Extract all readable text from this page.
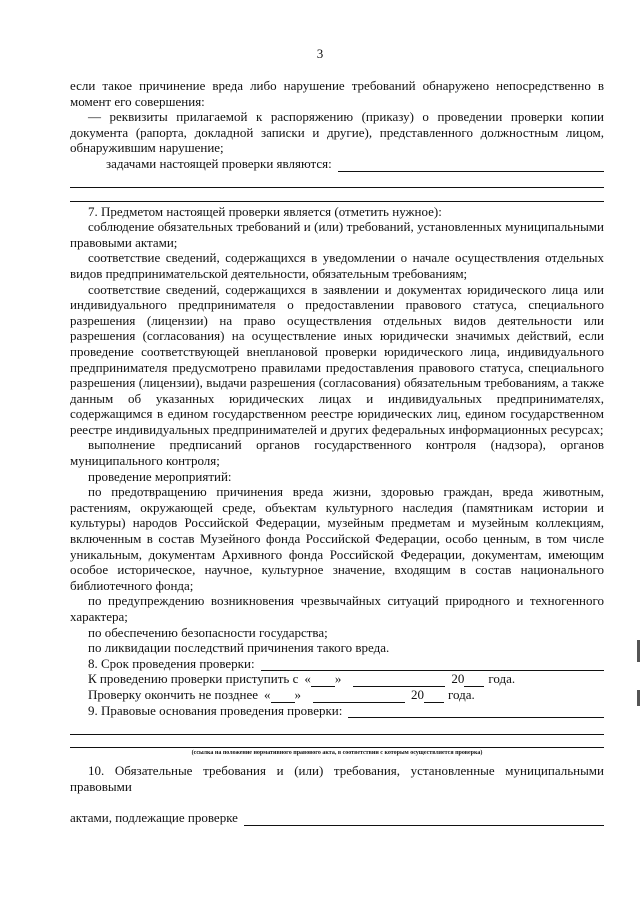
3

если такое причинение вреда либо нарушение требований обнаружено непосредственно в момент его совершения:

— реквизиты прилагаемой к распоряжению (приказу) о проведении проверки копии документа (рапорта, докладной записки и другие), представленного должностным лицом, обнаружившим нарушение;

задачами настоящей проверки являются:

7. Предметом настоящей проверки является (отметить нужное):

соблюдение обязательных требований и (или) требований, установленных муниципальными правовыми актами;

соответствие сведений, содержащихся в уведомлении о начале осуществления отдельных видов предпринимательской деятельности, обязательным требованиям;

соответствие сведений, содержащихся в заявлении и документах юридического лица или индивидуального предпринимателя о предоставлении правового статуса, специального разрешения (лицензии) на право осуществления отдельных видов деятельности или разрешения (согласования) на осуществление иных юридически значимых действий, если проведение соответствующей внеплановой проверки юридического лица, индивидуального предпринимателя предусмотрено правилами предоставления правового статуса, специального разрешения (лицензии), выдачи разрешения (согласования) обязательным требованиям, а также данным об указанных юридических лицах и индивидуальных предпринимателях, содержащимся в едином государственном реестре юридических лиц, едином государственном реестре индивидуальных предпринимателей и других федеральных информационных ресурсах;

выполнение предписаний органов государственного контроля (надзора), органов муниципального контроля;

проведение мероприятий:

по предотвращению причинения вреда жизни, здоровью граждан, вреда животным, растениям, окружающей среде, объектам культурного наследия (памятникам истории и культуры) народов Российской Федерации, музейным предметам и музейным коллекциям, включенным в состав Музейного фонда Российской Федерации, особо ценным, в том числе уникальным, документам Архивного фонда Российской Федерации, документам, имеющим особое историческое, научное, культурное значение, входящим в состав национального библиотечного фонда;

по предупреждению возникновения чрезвычайных ситуаций природного и техногенного характера;

по обеспечению безопасности государства;

по ликвидации последствий причинения такого вреда.

8. Срок проведения проверки:
К проведению проверки приступить с « »	20 года.
Проверку окончить не позднее « »	20 года.
9. Правовые основания проведения проверки:
(ссылка на положение нормативного правового акта, в соответствии с которым осуществляется проверка)

10. Обязательные требования и (или) требования, установленные муниципальными правовыми

актами, подлежащие проверке
